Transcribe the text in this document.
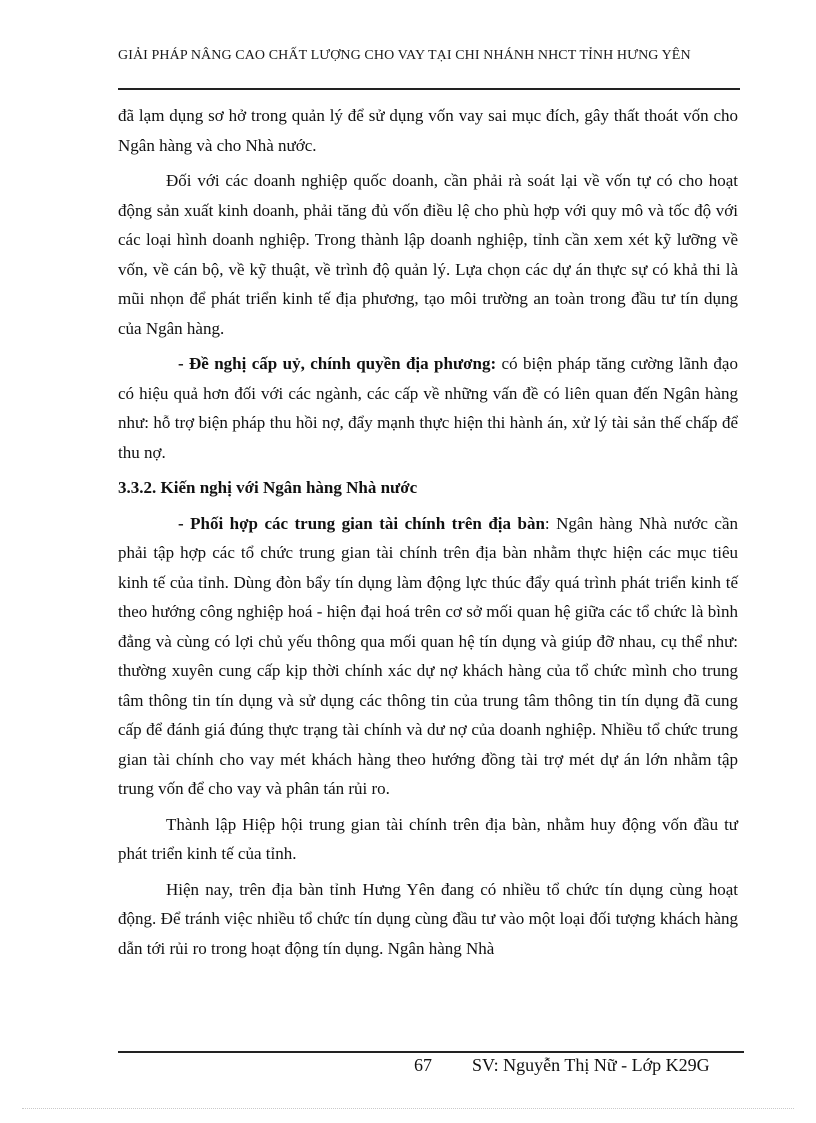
GIẢI PHÁP NÂNG CAO CHẤT LƯỢNG CHO VAY TẠI CHI NHÁNH NHCT TỈNH HƯNG YÊN

đã lạm dụng sơ hở trong quản lý để sử dụng vốn vay sai mục đích, gây thất thoát vốn cho Ngân hàng và cho Nhà nước.

Đối với các doanh nghiệp quốc doanh, cần phải rà soát lại về vốn tự có cho hoạt động sản xuất kinh doanh, phải tăng đủ vốn điều lệ cho phù hợp với quy mô và tốc độ với các loại hình doanh nghiệp. Trong thành lập doanh nghiệp, tỉnh cần xem xét kỹ lưỡng về vốn, về cán bộ, về kỹ thuật, về trình độ quản lý. Lựa chọn các dự án thực sự có khả thi là mũi nhọn để phát triển kinh tế địa phương, tạo môi trường an toàn trong đầu tư tín dụng của Ngân hàng.

- Đề nghị cấp uỷ, chính quyền địa phương: có biện pháp tăng cường lãnh đạo có hiệu quả hơn đối với các ngành, các cấp về những vấn đề có liên quan đến Ngân hàng như: hỗ trợ biện pháp thu hồi nợ, đẩy mạnh thực hiện thi hành án, xử lý tài sản thế chấp để thu nợ.

3.3.2. Kiến nghị với Ngân hàng Nhà nước

- Phối hợp các trung gian tài chính trên địa bàn: Ngân hàng Nhà nước cần phải tập hợp các tổ chức trung gian tài chính trên địa bàn nhằm thực hiện các mục tiêu kinh tế của tỉnh. Dùng đòn bẩy tín dụng làm động lực thúc đẩy quá trình phát triển kinh tế theo hướng công nghiệp hoá - hiện đại hoá trên cơ sở mối quan hệ giữa các tổ chức là bình đẳng và cùng có lợi chủ yếu thông qua mối quan hệ tín dụng và giúp đỡ nhau, cụ thể như: thường xuyên cung cấp kịp thời chính xác dự nợ khách hàng của tổ chức mình cho trung tâm thông tin tín dụng và sử dụng các thông tin của trung tâm thông tin tín dụng đã cung cấp để đánh giá đúng thực trạng tài chính và dư nợ của doanh nghiệp. Nhiều tổ chức trung gian tài chính cho vay mét khách hàng theo hướng đồng tài trợ mét dự án lớn nhằm tập trung vốn để cho vay và phân tán rủi ro.

Thành lập Hiệp hội trung gian tài chính trên địa bàn, nhằm huy động vốn đầu tư phát triển kinh tế của tỉnh.

Hiện nay, trên địa bàn tỉnh Hưng Yên đang có nhiều tổ chức tín dụng cùng hoạt động. Để tránh việc nhiều tổ chức tín dụng cùng đầu tư vào một loại đối tượng khách hàng dẫn tới rủi ro trong hoạt động tín dụng. Ngân hàng Nhà

67 SV: Nguyễn Thị Nữ - Lớp K29G
